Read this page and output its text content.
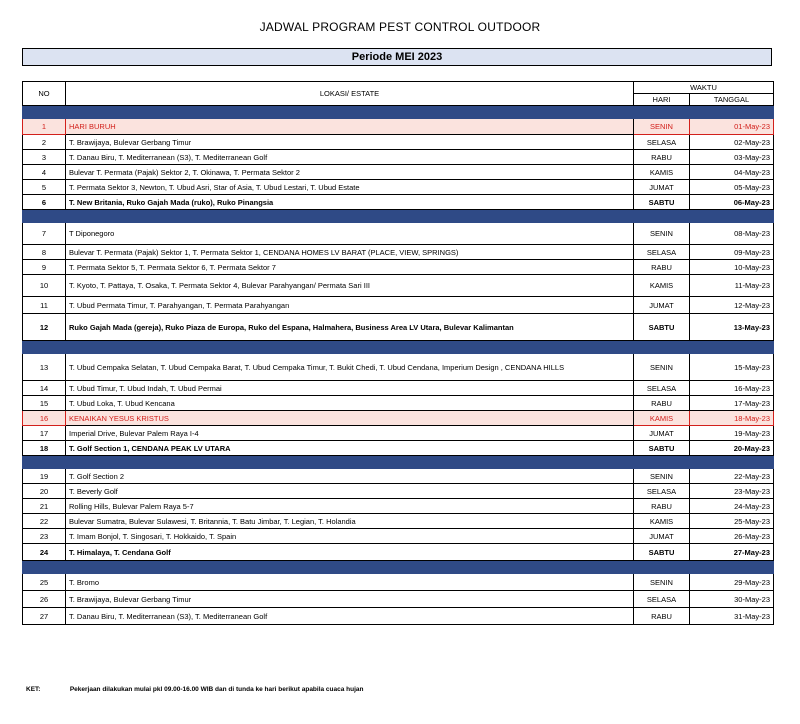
JADWAL PROGRAM PEST CONTROL OUTDOOR
Periode MEI 2023
NO	LOKASI/ ESTATE	WAKTU	
		HARI	TANGGAL

1	HARI BURUH	SENIN	01-May-23
2	T. Brawijaya, Bulevar Gerbang Timur	SELASA	02-May-23
3	T. Danau Biru, T. Mediterranean (S3), T. Mediterranean Golf	RABU	03-May-23
4	Bulevar T. Permata (Pajak) Sektor 2, T. Okinawa, T. Permata Sektor 2	KAMIS	04-May-23
5	T. Permata Sektor 3, Newton, T. Ubud Asri, Star of Asia, T. Ubud Lestari, T. Ubud Estate	JUMAT	05-May-23
6	T. New Britania, Ruko Gajah Mada (ruko), Ruko Pinangsia	SABTU	06-May-23

7	T Diponegoro	SENIN	08-May-23
8	Bulevar T. Permata (Pajak) Sektor 1, T. Permata Sektor 1, CENDANA HOMES LV BARAT (PLACE, VIEW, SPRINGS)	SELASA	09-May-23
9	T. Permata Sektor 5, T. Permata Sektor 6, T. Permata Sektor 7	RABU	10-May-23
10	T. Kyoto, T. Pattaya, T. Osaka, T. Permata Sektor 4, Bulevar Parahyangan/ Permata Sari III	KAMIS	11-May-23
11	T. Ubud Permata Timur, T. Parahyangan, T. Permata Parahyangan	JUMAT	12-May-23
12	Ruko Gajah Mada (gereja), Ruko Piaza de Europa, Ruko del Espana, Halmahera, Business Area LV Utara, Bulevar Kalimantan	SABTU	13-May-23

13	T. Ubud Cempaka Selatan, T. Ubud Cempaka Barat, T. Ubud Cempaka Timur, T. Bukit Chedi, T. Ubud Cendana, Imperium Design , CENDANA HILLS	SENIN	15-May-23
14	T. Ubud Timur, T. Ubud Indah, T. Ubud Permai	SELASA	16-May-23
15	T. Ubud Loka, T. Ubud Kencana	RABU	17-May-23
16	KENAIKAN YESUS KRISTUS	KAMIS	18-May-23
17	Imperial Drive, Bulevar Palem Raya I-4	JUMAT	19-May-23
18	T. Golf Section 1, CENDANA PEAK LV UTARA	SABTU	20-May-23

19	T. Golf Section 2	SENIN	22-May-23
20	T. Beverly Golf	SELASA	23-May-23
21	Rolling Hills, Bulevar Palem Raya 5-7	RABU	24-May-23
22	Bulevar Sumatra, Bulevar Sulawesi, T. Britannia, T. Batu Jimbar, T. Legian, T. Holandia	KAMIS	25-May-23
23	T. Imam Bonjol, T. Singosari, T. Hokkaido, T. Spain	JUMAT	26-May-23
24	T. Himalaya, T. Cendana Golf	SABTU	27-May-23

25	T. Bromo	SENIN	29-May-23
26	T. Brawijaya, Bulevar Gerbang Timur	SELASA	30-May-23
27	T. Danau Biru, T. Mediterranean (S3), T. Mediterranean Golf	RABU	31-May-23
KET:	Pekerjaan dilakukan mulai pkl 09.00-16.00 WIB dan di tunda ke hari berikut apabila cuaca hujan
